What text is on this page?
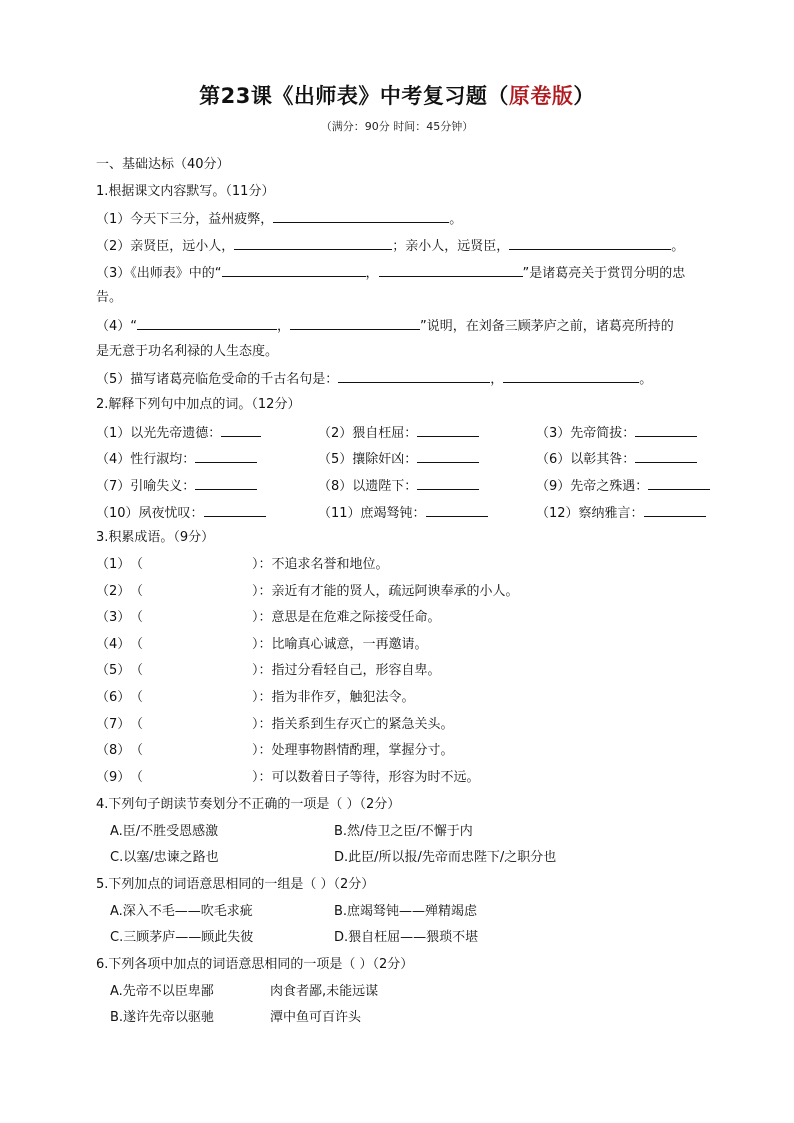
第23课《出师表》中考复习题（原卷版）
（满分：90分 时间：45分钟）
一、基础达标（40分）
1.根据课文内容默写。（11分）
（1）今天下三分，益州疲弊，	。
（2）亲贤臣，远小人，	；亲小人，远贤臣，	。
（3）《出师表》中的“	，	”是诸葛亮关于赏罚分明的忠
告。
（4）“	，	”说明，在刘备三顾茅庐之前，诸葛亮所持的
是无意于功名利禄的人生态度。
（5）描写诸葛亮临危受命的千古名句是：	，	。
2.解释下列句中加点的词。（12分）
（1）以光先帝遗德：	（2）猥自枉屈：	（3）先帝简拔：
（4）性行淑均：	（5）攘除奸凶：	（6）以彰其咎：
（7）引喻失义：	（8）以遗陛下：	（9）先帝之殊遇：
（10）夙夜忧叹：	（11）庶竭驽钝：	（12）察纳雅言：
3.积累成语。（9分）
（1） （	）：不追求名誉和地位。
（2） （	）：亲近有才能的贤人，疏远阿谀奉承的小人。
（3） （	）：意思是在危难之际接受任命。
（4） （	）：比喻真心诚意，一再邀请。
（5） （	）：指过分看轻自己，形容自卑。
（6） （	）：指为非作歹，触犯法令。
（7） （	）：指关系到生存灭亡的紧急关头。
（8） （	）：处理事物斟情酌理，掌握分寸。
（9） （	）：可以数着日子等待，形容为时不远。
4.下列句子朗读节奏划分不正确的一项是（ ）（2分）
A.臣/不胜受恩感激	B.然/侍卫之臣/不懈于内
C.以塞/忠谏之路也	D.此臣/所以报/先帝而忠陛下/之职分也
5.下列加点的词语意思相同的一组是（ ）（2分）
A.深入不毛——吹毛求疵	B.庶竭驽钝——殚精竭虑
C.三顾茅庐——顾此失彼	D.猥自枉屈——猥琐不堪
6.下列各项中加点的词语意思相同的一项是（ ）（2分）
A.先帝不以臣卑鄙	肉食者鄙,未能远谋
B.遂许先帝以驱驰	潭中鱼可百许头
